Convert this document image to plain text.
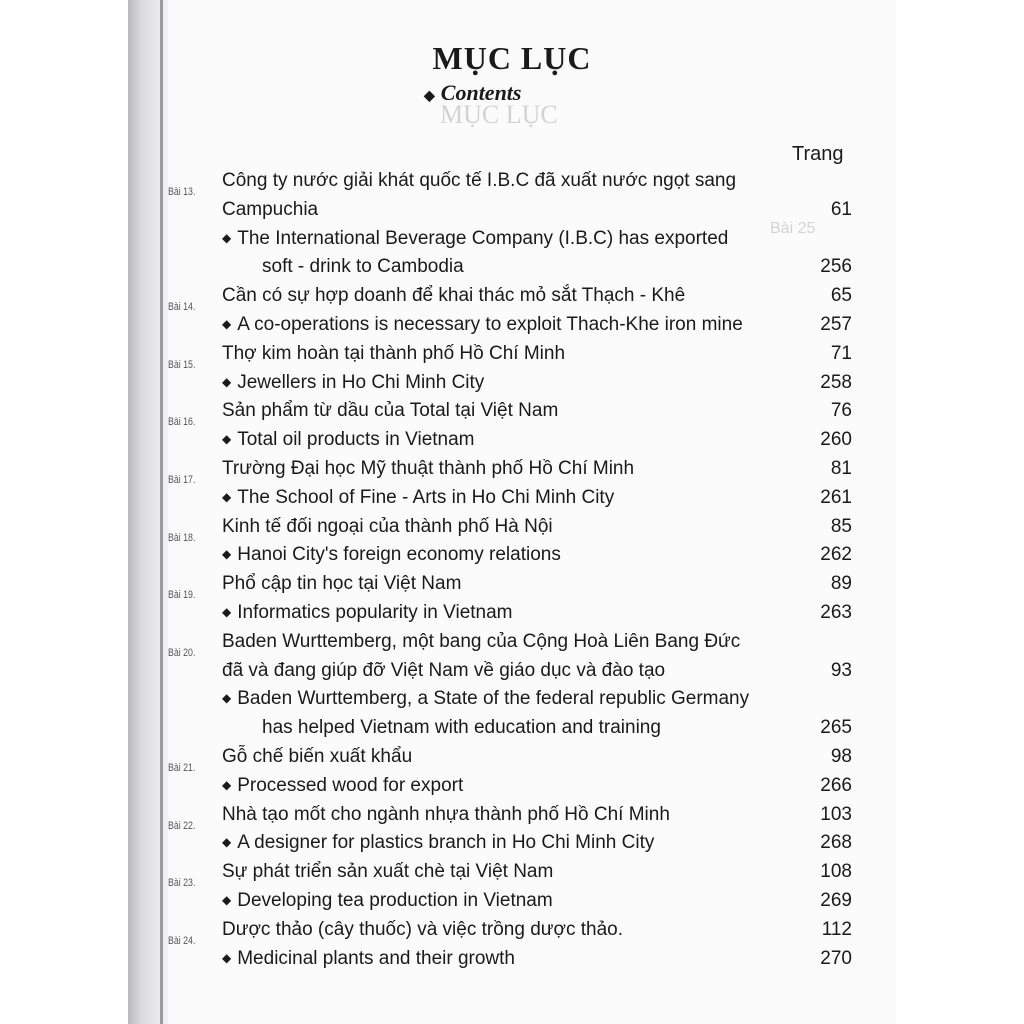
MỤC LỤC
Bài 25
MỤC LỤC
◆ Contents
Trang
Bài 13.
Công ty nước giải khát quốc tế I.B.C đã xuất nước ngọt sang
Campuchia	61
◆ The International Beverage Company (I.B.C) has exported
soft - drink to Cambodia	256
Bài 14.
Cần có sự hợp doanh để khai thác mỏ sắt Thạch - Khê	65
◆ A co-operations is necessary to exploit Thach-Khe iron mine	257
Bài 15.
Thợ kim hoàn tại thành phố Hồ Chí Minh	71
◆ Jewellers in Ho Chi Minh City	258
Bài 16.
Sản phẩm từ dầu của Total tại Việt Nam	76
◆ Total oil products in Vietnam	260
Bài 17.
Trường Đại học Mỹ thuật thành phố Hồ Chí Minh	81
◆ The School of Fine - Arts in Ho Chi Minh City	261
Bài 18.
Kinh tế đối ngoại của thành phố Hà Nội	85
◆ Hanoi City's foreign economy relations	262
Bài 19.
Phổ cập tin học tại Việt Nam	89
◆ Informatics popularity in Vietnam	263
Bài 20.
Baden Wurttemberg, một bang của Cộng Hoà Liên Bang Đức
đã và đang giúp đỡ Việt Nam về giáo dục và đào tạo	93
◆ Baden Wurttemberg, a State of the federal republic Germany
has helped Vietnam with education and training	265
Bài 21.
Gỗ chế biến xuất khẩu	98
◆ Processed wood for export	266
Bài 22.
Nhà tạo mốt cho ngành nhựa thành phố Hồ Chí Minh	103
◆ A designer for plastics branch in Ho Chi Minh City	268
Bài 23.
Sự phát triển sản xuất chè tại Việt Nam	108
◆ Developing tea production in Vietnam	269
Bài 24.
Dược thảo (cây thuốc) và việc trồng dược thảo.	112
◆ Medicinal plants and their growth	270
